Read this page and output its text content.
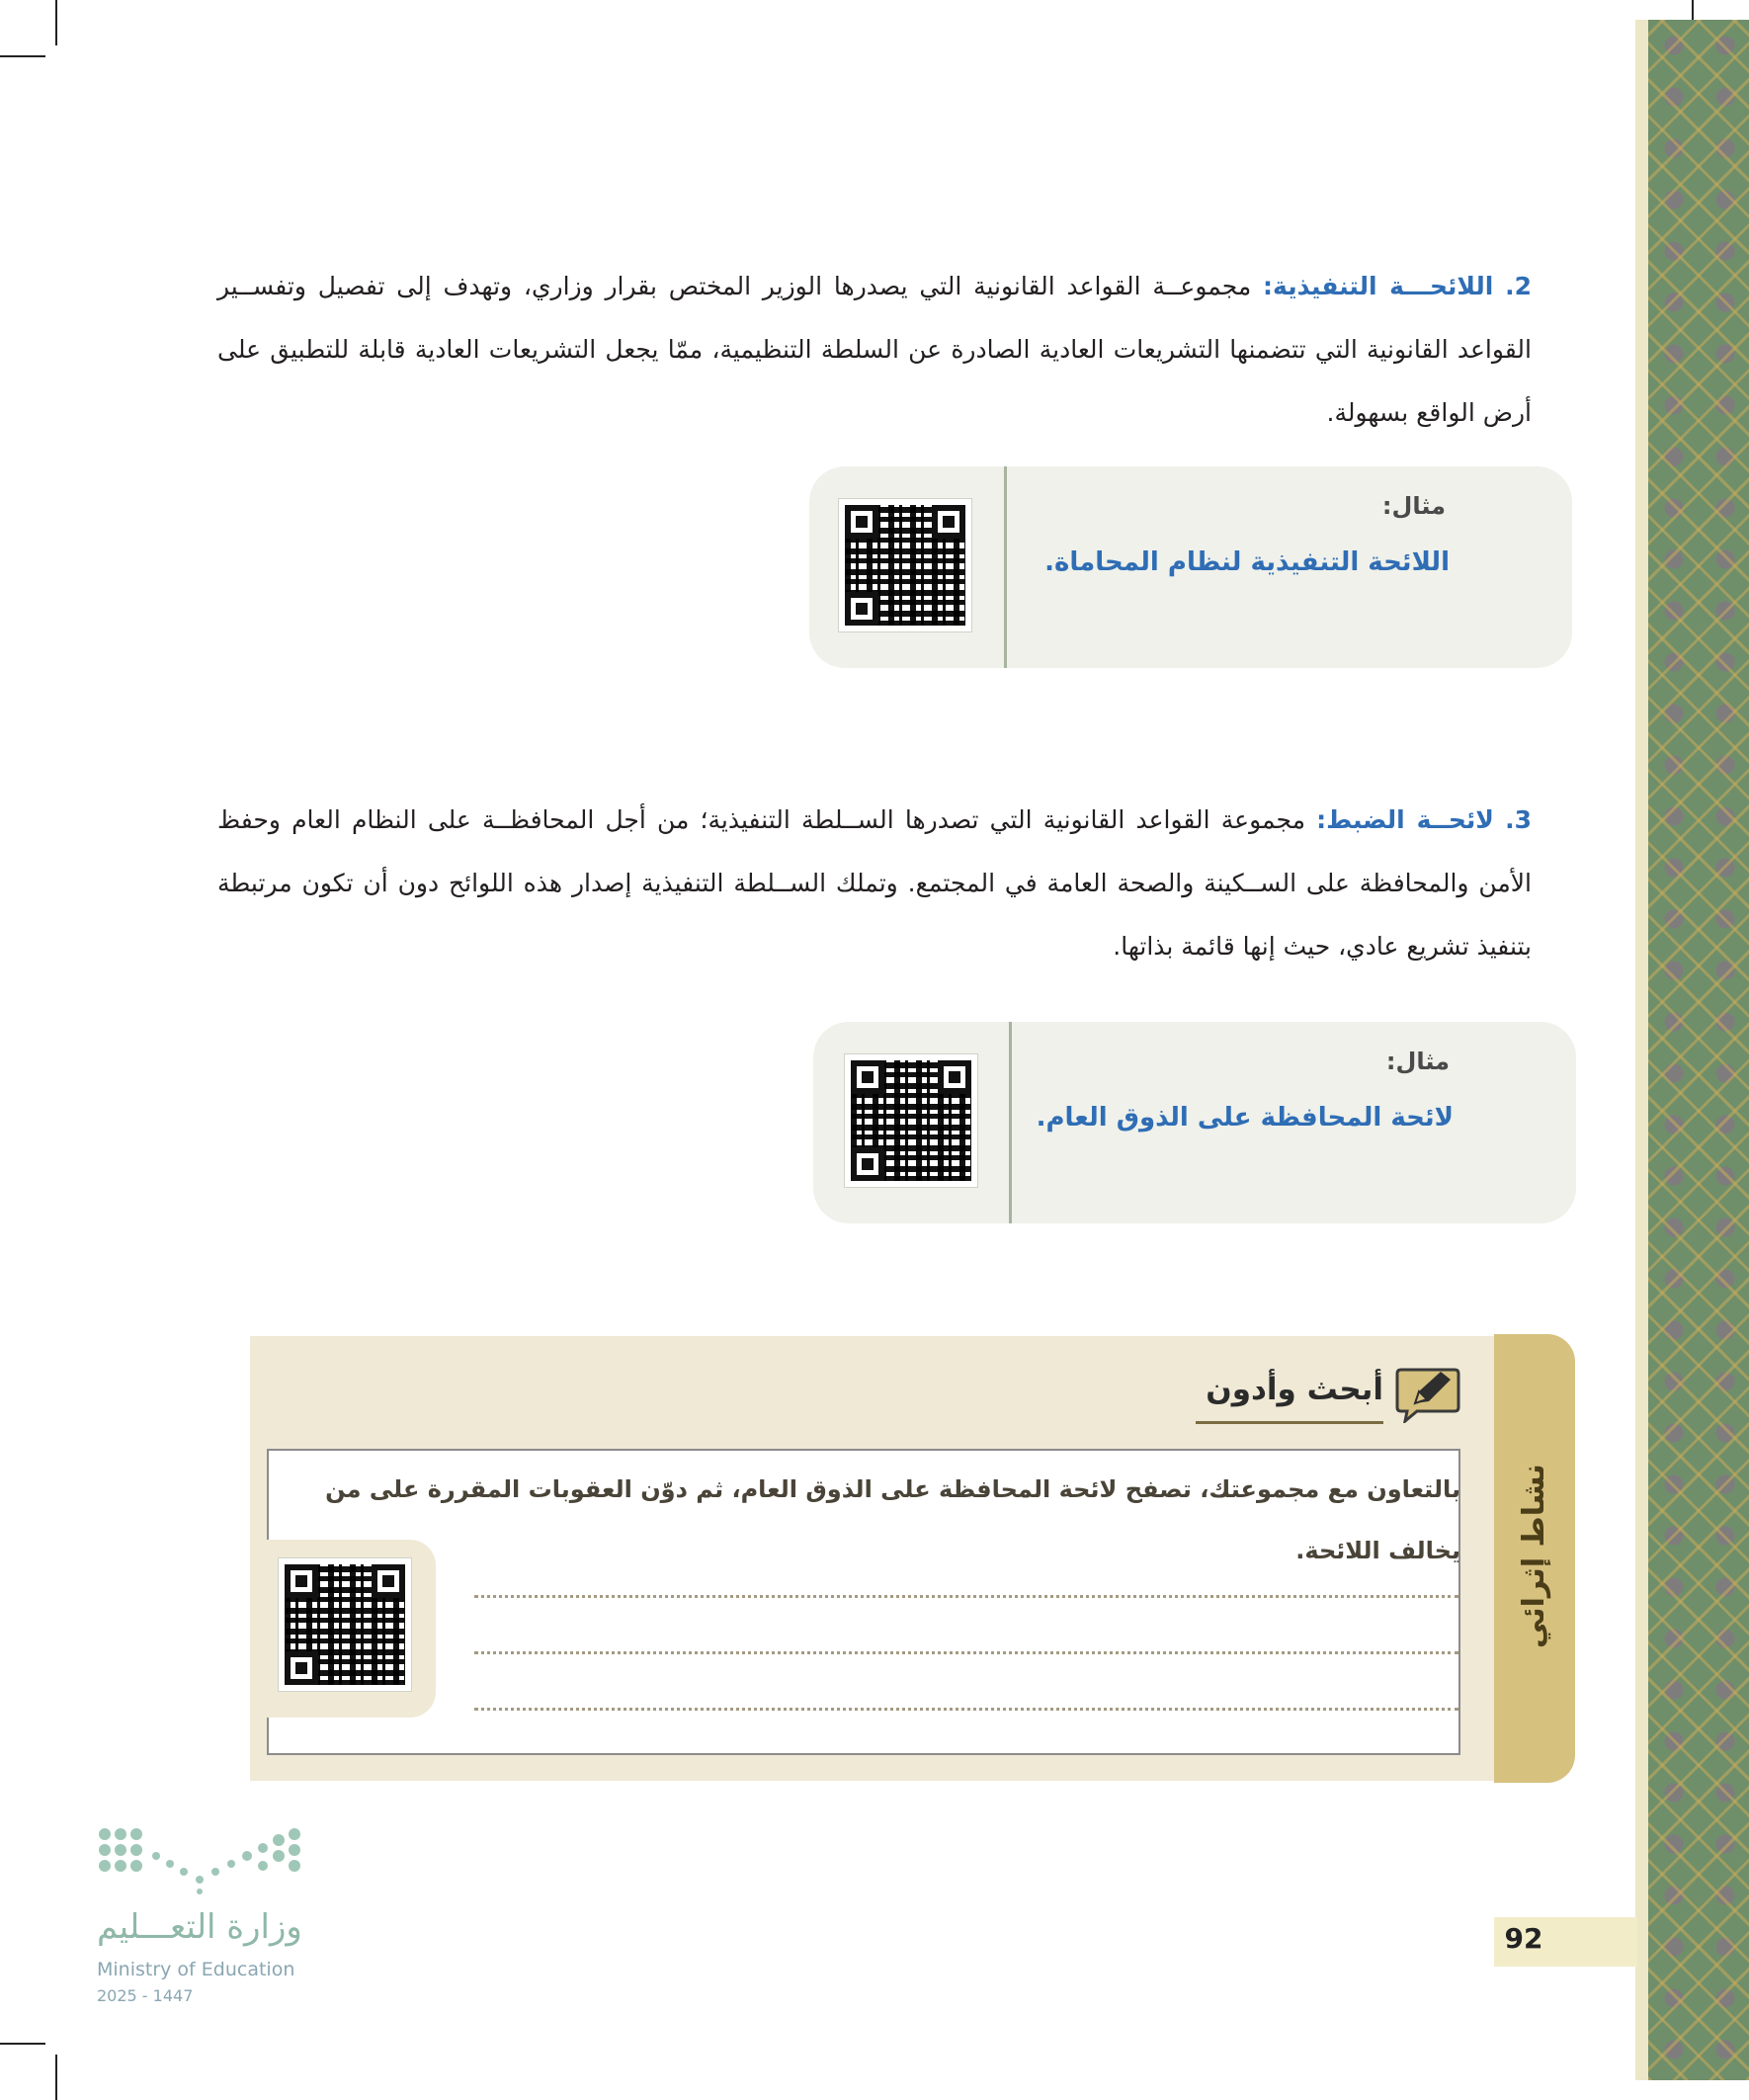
2. اللائحـــة التنفيذية: مجموعــة القواعد القانونية التي يصدرها الوزير المختص بقرار وزاري، وتهدف إلى تفصيل وتفســير القواعد القانونية التي تتضمنها التشريعات العادية الصادرة عن السلطة التنظيمية، ممّا يجعل التشريعات العادية قابلة للتطبيق على أرض الواقع بسهولة.
مثال:
اللائحة التنفيذية لنظام المحاماة.
3. لائحــة الضبط: مجموعة القواعد القانونية التي تصدرها الســلطة التنفيذية؛ من أجل المحافظــة على النظام العام وحفظ الأمن والمحافظة على الســكينة والصحة العامة في المجتمع. وتملك الســلطة التنفيذية إصدار هذه اللوائح دون أن تكون مرتبطة بتنفيذ تشريع عادي، حيث إنها قائمة بذاتها.
مثال:
لائحة المحافظة على الذوق العام.
نشاط إثرائي
أبحث وأدون
بالتعاون مع مجموعتك، تصفح لائحة المحافظة على الذوق العام، ثم دوّن العقوبات المقررة على من يخالف اللائحة.
92
وزارة التعـــليم
Ministry of Education
2025 - 1447
